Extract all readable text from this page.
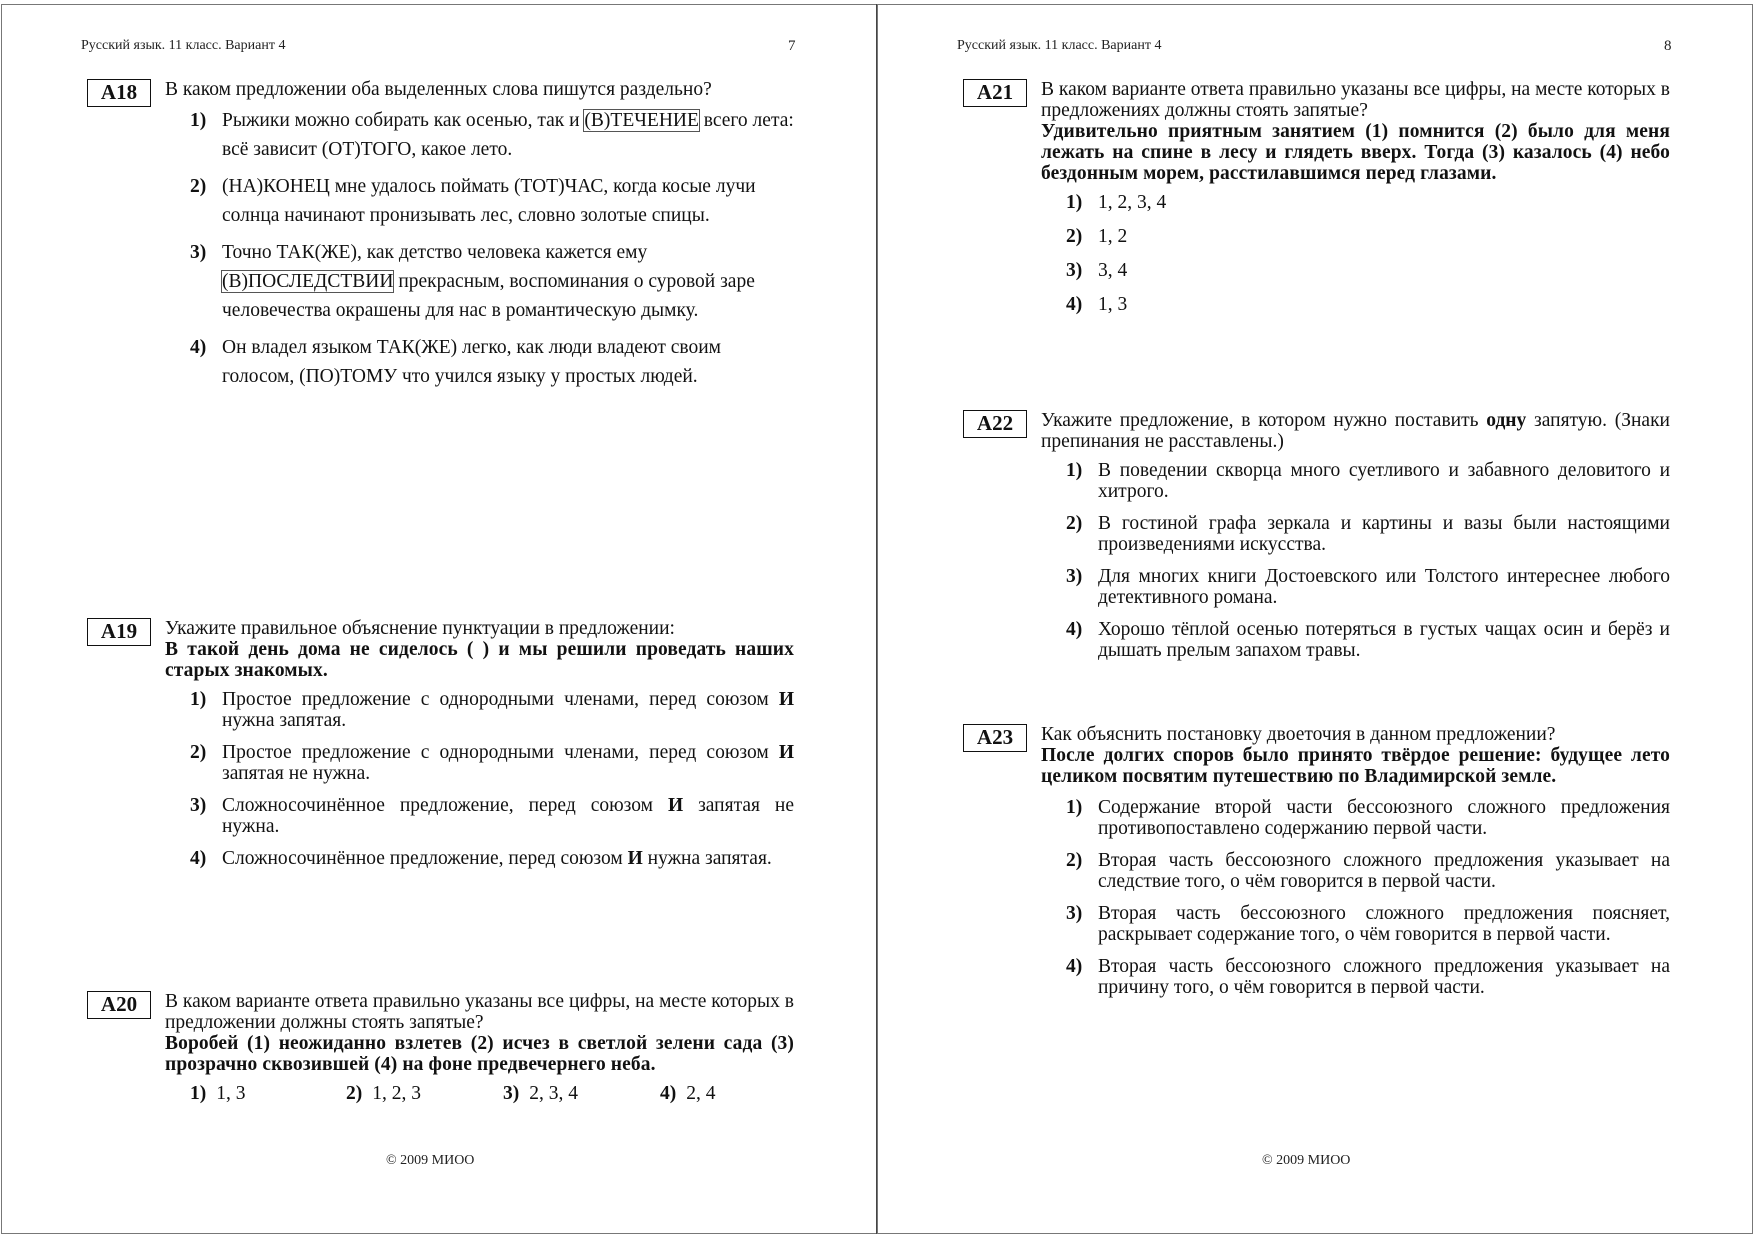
Русский язык. 11 класс. Вариант 4	7
A18	В каком предложении оба выделенных слова пишутся раздельно?

1) Рыжики можно собирать как осенью, так и (В)ТЕЧЕНИЕ всего лета: всё зависит (ОТ)ТОГО, какое лето.
2) (НА)КОНЕЦ мне удалось поймать (ТОТ)ЧАС, когда косые лучи солнца начинают пронизывать лес, словно золотые спицы.
3) Точно ТАК(ЖЕ), как детство человека кажется ему (В)ПОСЛЕДСТВИИ прекрасным, воспоминания о суровой заре человечества окрашены для нас в романтическую дымку.
4) Он владел языком ТАК(ЖЕ) легко, как люди владеют своим голосом, (ПО)ТОМУ что учился языку у простых людей.
A19	Укажите правильное объяснение пунктуации в предложении:

В такой день дома не сиделось ( ) и мы решили проведать наших старых знакомых.

1) Простое предложение с однородными членами, перед союзом И нужна запятая.
2) Простое предложение с однородными членами, перед союзом И запятая не нужна.
3) Сложносочинённое предложение, перед союзом И запятая не нужна.
4) Сложносочинённое предложение, перед союзом И нужна запятая.
A20	В каком варианте ответа правильно указаны все цифры, на месте которых в предложении должны стоять запятые?

Воробей (1) неожиданно взлетев (2) исчез в светлой зелени сада (3) прозрачно сквозившей (4) на фоне предвечернего неба.

1) 1, 3	2) 1, 2, 3	3) 2, 3, 4	4) 2, 4
© 2009 МИОО
Русский язык. 11 класс. Вариант 4	8
A21	В каком варианте ответа правильно указаны все цифры, на месте которых в предложениях должны стоять запятые?

Удивительно приятным занятием (1) помнится (2) было для меня лежать на спине в лесу и глядеть вверх. Тогда (3) казалось (4) небо бездонным морем, расстилавшимся перед глазами.

1) 1, 2, 3, 4
2) 1, 2
3) 3, 4
4) 1, 3
A22	Укажите предложение, в котором нужно поставить одну запятую. (Знаки препинания не расставлены.)

1) В поведении скворца много суетливого и забавного деловитого и хитрого.
2) В гостиной графа зеркала и картины и вазы были настоящими произведениями искусства.
3) Для многих книги Достоевского или Толстого интереснее любого детективного романа.
4) Хорошо тёплой осенью потеряться в густых чащах осин и берёз и дышать прелым запахом травы.
A23	Как объяснить постановку двоеточия в данном предложении?

После долгих споров было принято твёрдое решение: будущее лето целиком посвятим путешествию по Владимирской земле.

1) Содержание второй части бессоюзного сложного предложения противопоставлено содержанию первой части.
2) Вторая часть бессоюзного сложного предложения указывает на следствие того, о чём говорится в первой части.
3) Вторая часть бессоюзного сложного предложения поясняет, раскрывает содержание того, о чём говорится в первой части.
4) Вторая часть бессоюзного сложного предложения указывает на причину того, о чём говорится в первой части.
© 2009 МИОО
